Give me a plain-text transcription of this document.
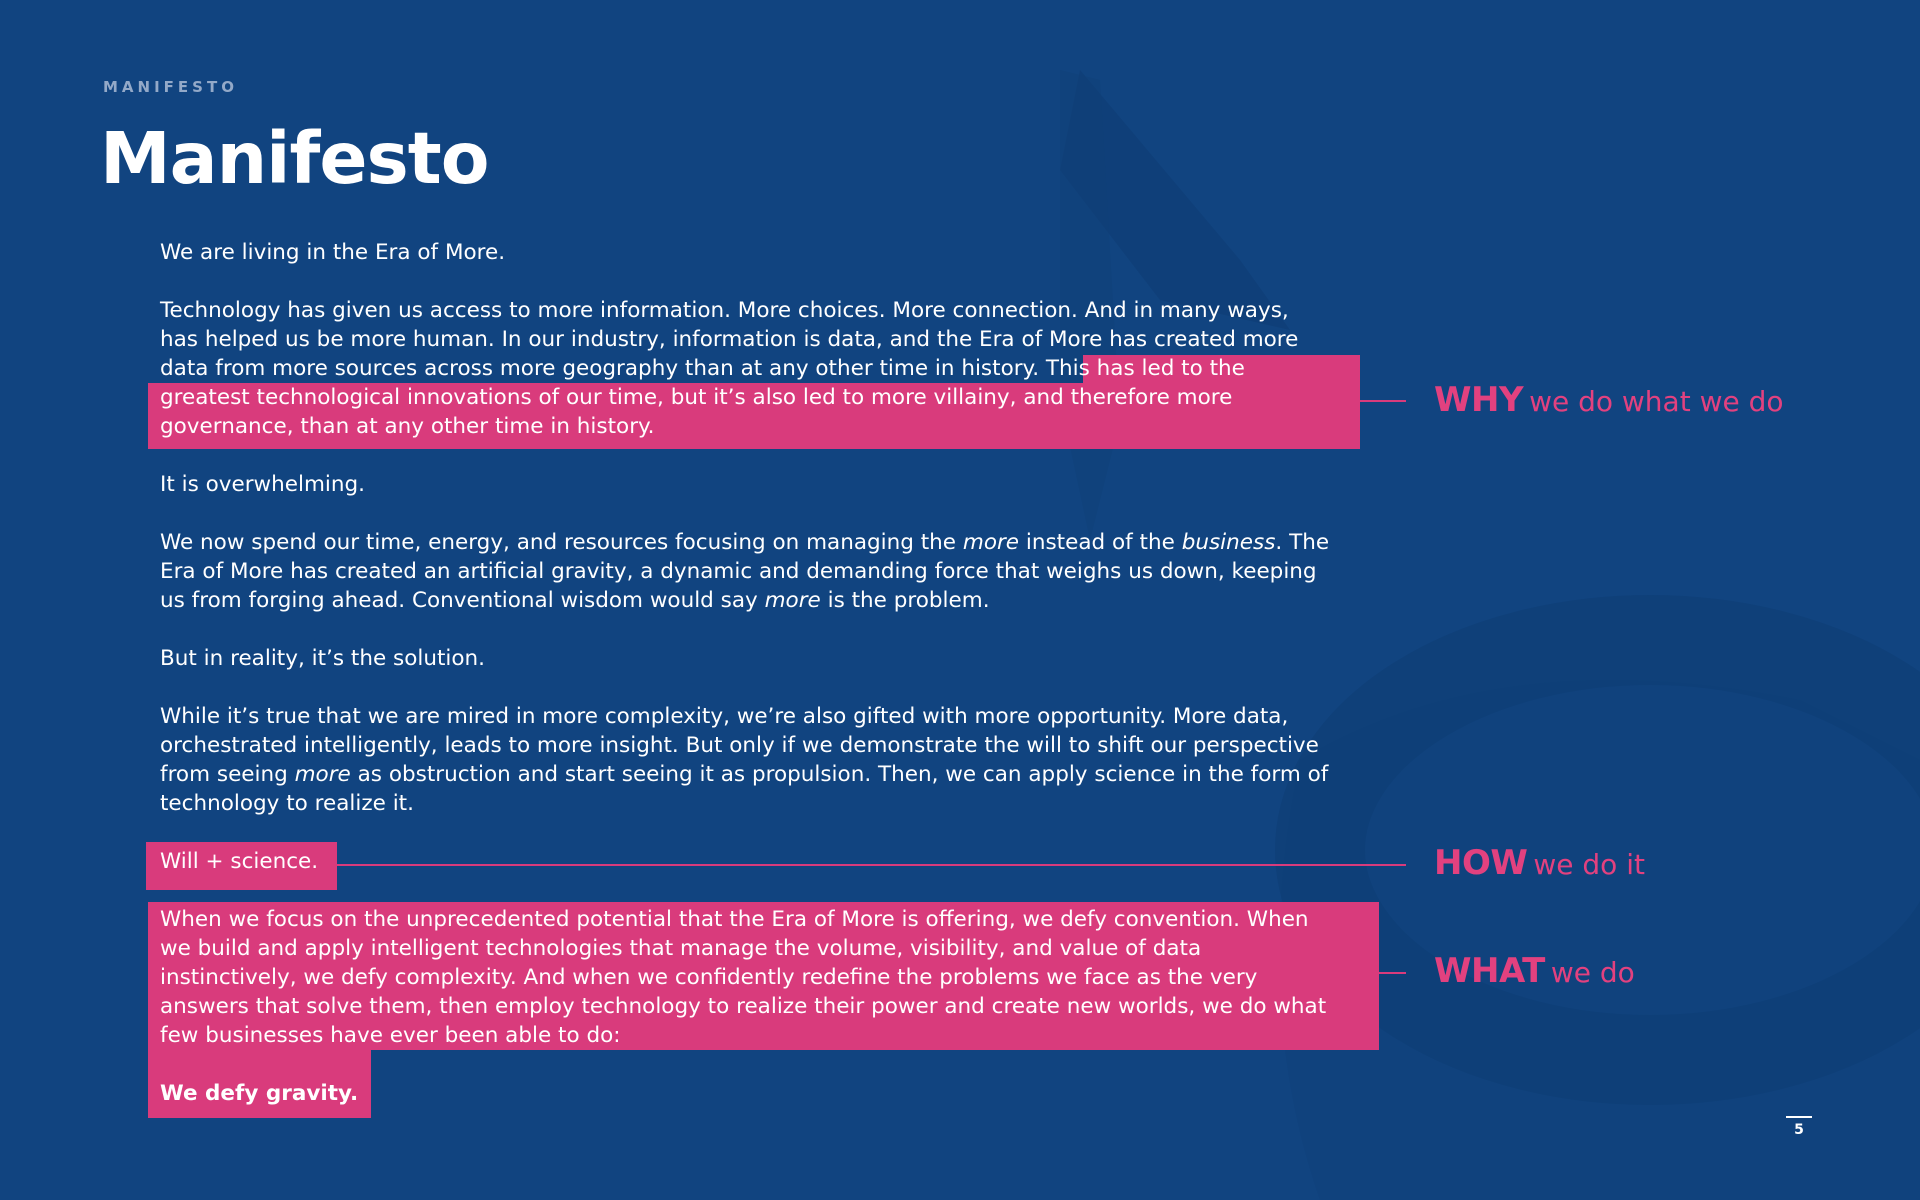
MANIFESTO

Manifesto

We are living in the Era of More.

Technology has given us access to more information. More choices. More connection. And in many ways,
has helped us be more human. In our industry, information is data, and the Era of More has created more
data from more sources across more geography than at any other time in history. This has led to the
greatest technological innovations of our time, but it’s also led to more villainy, and therefore more
governance, than at any other time in history.

It is overwhelming.

We now spend our time, energy, and resources focusing on managing the more instead of the business. The
Era of More has created an artificial gravity, a dynamic and demanding force that weighs us down, keeping
us from forging ahead. Conventional wisdom would say more is the problem.

But in reality, it’s the solution.

While it’s true that we are mired in more complexity, we’re also gifted with more opportunity. More data,
orchestrated intelligently, leads to more insight. But only if we demonstrate the will to shift our perspective
from seeing more as obstruction and start seeing it as propulsion. Then, we can apply science in the form of
technology to realize it.

Will + science.

When we focus on the unprecedented potential that the Era of More is offering, we defy convention. When
we build and apply intelligent technologies that manage the volume, visibility, and value of data
instinctively, we defy complexity. And when we confidently redefine the problems we face as the very
answers that solve them, then employ technology to realize their power and create new worlds, we do what
few businesses have ever been able to do:

We defy gravity.

WHY we do what we do

HOW we do it

WHAT we do

5
